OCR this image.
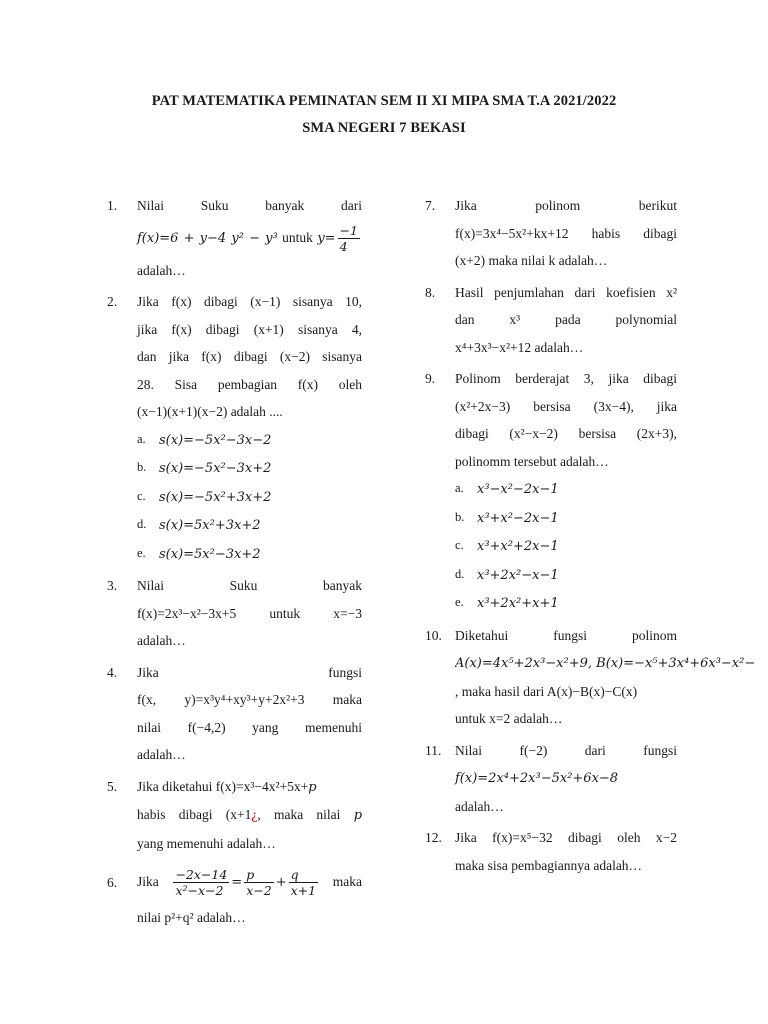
PAT MATEMATIKA PEMINATAN SEM II XI MIPA SMA T.A 2021/2022
SMA NEGERI 7 BEKASI
1. Nilai Suku banyak dari
f(x)=6 + y−4 y² − y³ untuk $y= \frac{-1}{4}$
adalah…
2. Jika f(x) dibagi (x−1) sisanya 10,
jika f(x) dibagi (x+1) sisanya 4,
dan jika f(x) dibagi (x−2) sisanya
28. Sisa pembagian f(x) oleh
(x−1)(x+1)(x−2) adalah ....
a. s(x)=−5x²−3x−2
b. s(x)=−5x²−3x+2
c. s(x)=−5x²+3x+2
d. s(x)=5x²+3x+2
e. s(x)=5x²−3x+2
3. Nilai Suku banyak
f(x)=2x³−x²−3x+5 untuk x=−3
adalah…
4. Jika fungsi
f(x, y)=x³y⁴+xy³+y+2x²+3 maka
nilai f(−4,2) yang memenuhi
adalah…
5. Jika diketahui f(x)=x³−4x²+5x+p
habis dibagi (x+1¿, maka nilai p
yang memenuhi adalah…
6. Jika $\frac{-2x-14}{\text{x²−x−2}} = \frac{p}{x-2} + \frac{q}{x+1}$ maka
nilai p²+q² adalah…
7. Jika polinom berikut
f(x)=3x⁴−5x²+kx+12 habis dibagi
(x+2) maka nilai k adalah…
8. Hasil penjumlahan dari koefisien x²
dan x³ pada polynomial
x⁴+3x³−x²+12 adalah…
9. Polinom berderajat 3, jika dibagi
(x²+2x−3) bersisa (3x−4), jika
dibagi (x²−x−2) bersisa (2x+3),
polinomm tersebut adalah…
a. x³−x²−2x−1
b. x³+x²−2x−1
c. x³+x²+2x−1
d. x³+2x²−x−1
e. x³+2x²+x+1
10. Diketahui fungsi polinom
A(x)=4x⁵+2x³−x²+9, B(x)=−x⁵+3x⁴+6x³−x²−
, maka hasil dari A(x)−B(x)−C(x)
untuk x=2 adalah…
11. Nilai f(−2) dari fungsi
f(x)=2x⁴+2x³−5x²+6x−8
adalah…
12. Jika f(x)=x⁵−32 dibagi oleh x−2
maka sisa pembagiannya adalah…
